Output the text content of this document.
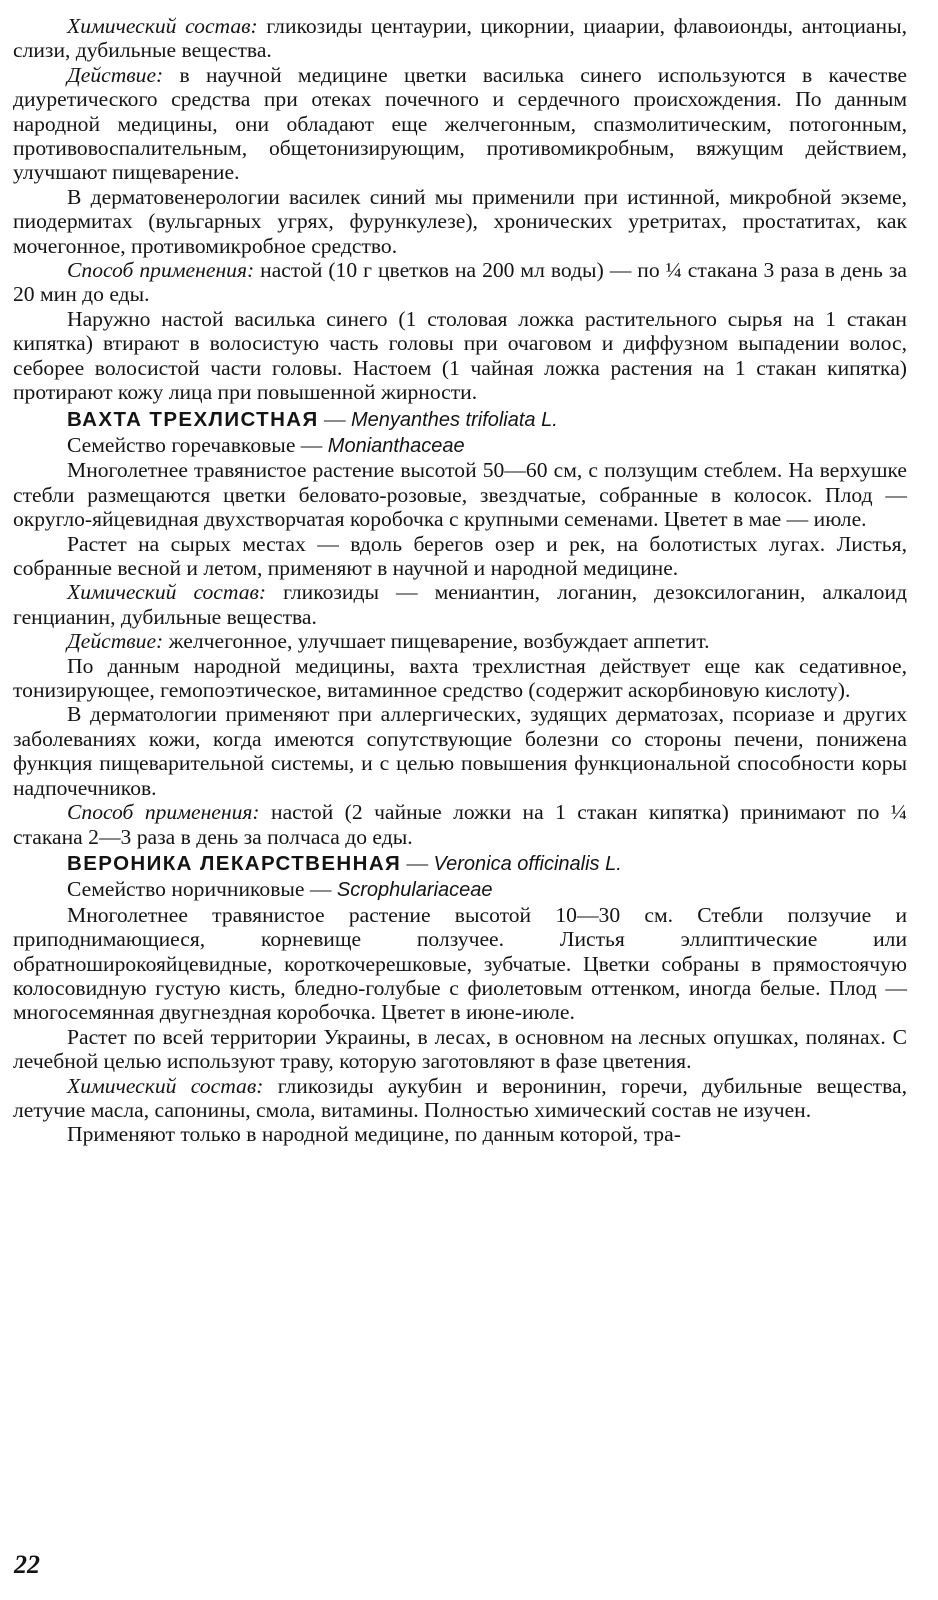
Химический состав: гликозиды центаурии, цикорнии, циаарии, флавоионды, антоцианы, слизи, дубильные вещества.

Действие: в научной медицине цветки василька синего используются в качестве диуретического средства при отеках почечного и сердечного происхождения. По данным народной медицины, они обладают еще желчегонным, спазмолитическим, потогонным, противовоспалительным, общетонизирующим, противомикробным, вяжущим действием, улучшают пищеварение.

В дерматовенерологии василек синий мы применили при истинной, микробной экземе, пиодермитах (вульгарных угрях, фурункулезе), хронических уретритах, простатитах, как мочегонное, противомикробное средство.

Способ применения: настой (10 г цветков на 200 мл воды) — по ¼ стакана 3 раза в день за 20 мин до еды.

Наружно настой василька синего (1 столовая ложка растительного сырья на 1 стакан кипятка) втирают в волосистую часть головы при очаговом и диффузном выпадении волос, себорее волосистой части головы. Настоем (1 чайная ложка растения на 1 стакан кипятка) протирают кожу лица при повышенной жирности.

ВАХТА ТРЕХЛИСТНАЯ — Menyanthes trifoliata L.

Семейство горечавковые — Monianthaceae

Многолетнее травянистое растение высотой 50—60 см, с ползущим стеблем. На верхушке стебли размещаются цветки беловато-розовые, звездчатые, собранные в колосок. Плод — округло-яйцевидная двухстворчатая коробочка с крупными семенами. Цветет в мае — июле.

Растет на сырых местах — вдоль берегов озер и рек, на болотистых лугах. Листья, собранные весной и летом, применяют в научной и народной медицине.

Химический состав: гликозиды — мениантин, логанин, дезоксилоганин, алкалоид генцианин, дубильные вещества.

Действие: желчегонное, улучшает пищеварение, возбуждает аппетит.

По данным народной медицины, вахта трехлистная действует еще как седативное, тонизирующее, гемопоэтическое, витаминное средство (содержит аскорбиновую кислоту).

В дерматологии применяют при аллергических, зудящих дерматозах, псориазе и других заболеваниях кожи, когда имеются сопутствующие болезни со стороны печени, понижена функция пищеварительной системы, и с целью повышения функциональной способности коры надпочечников.

Способ применения: настой (2 чайные ложки на 1 стакан кипятка) принимают по ¼ стакана 2—3 раза в день за полчаса до еды.

ВЕРОНИКА ЛЕКАРСТВЕННАЯ — Veronica officinalis L.

Семейство норичниковые — Scrophulariaceae

Многолетнее травянистое растение высотой 10—30 см. Стебли ползучие и приподнимающиеся, корневище ползучее. Листья эллиптические или обратноширокояйцевидные, короткочерешковые, зубчатые. Цветки собраны в прямостоячую колосовидную густую кисть, бледно-голубые с фиолетовым оттенком, иногда белые. Плод — многосемянная двугнездная коробочка. Цветет в июне-июле.

Растет по всей территории Украины, в лесах, в основном на лесных опушках, полянах. С лечебной целью используют траву, которую заготовляют в фазе цветения.

Химический состав: гликозиды аукубин и веронинин, горечи, дубильные вещества, летучие масла, сапонины, смола, витамины. Полностью химический состав не изучен.

Применяют только в народной медицине, по данным которой, тра-

22
